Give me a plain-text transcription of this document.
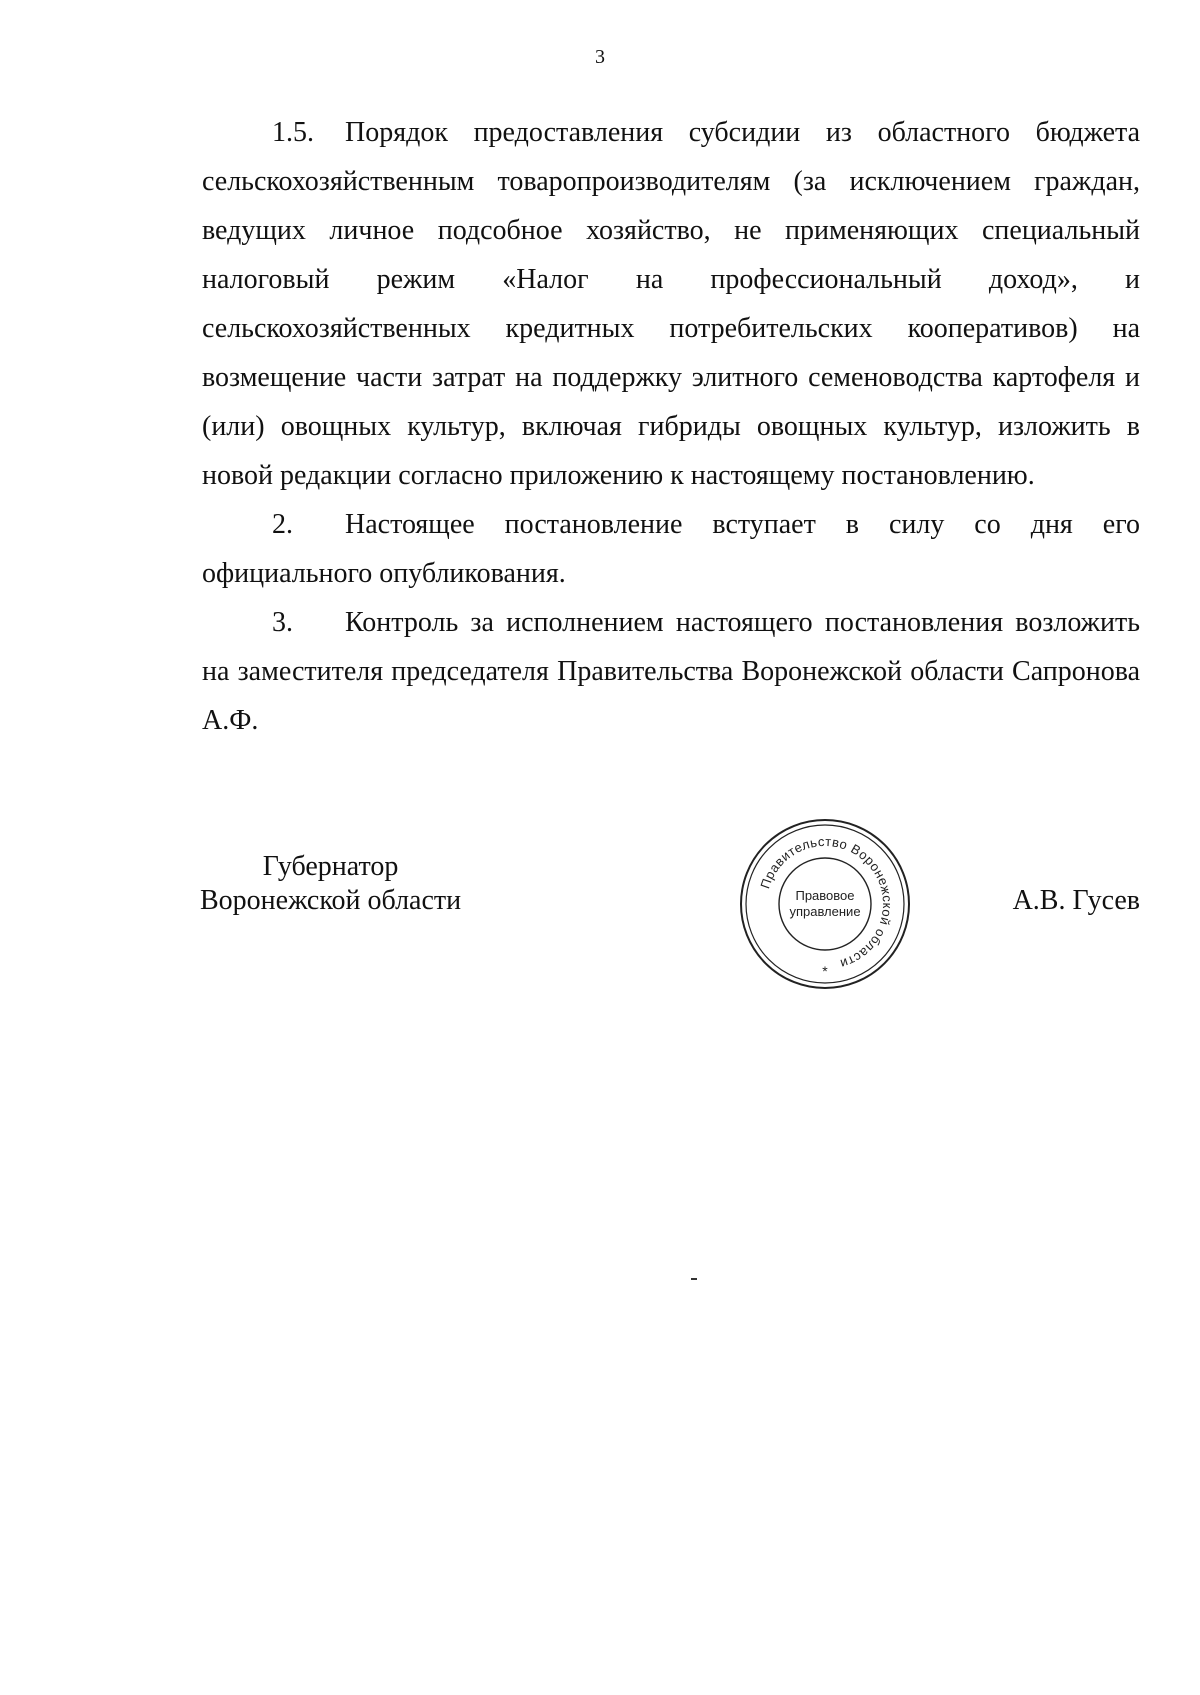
3

1.5. Порядок предоставления субсидии из областного бюджета сельскохозяйственным товаропроизводителям (за исключением граждан, ведущих личное подсобное хозяйство, не применяющих специальный налоговый режим «Налог на профессиональный доход», и сельскохозяйственных кредитных потребительских кооперативов) на возмещение части затрат на поддержку элитного семеноводства картофеля и (или) овощных культур, включая гибриды овощных культур, изложить в новой редакции согласно приложению к настоящему постановлению.

2. Настоящее постановление вступает в силу со дня его официального опубликования.

3. Контроль за исполнением настоящего постановления возложить на заместителя председателя Правительства Воронежской области Сапронова А.Ф.

Губернатор
Воронежской области
Правительство Воронежской области
Правовое
управление
*
А.В. Гусев
